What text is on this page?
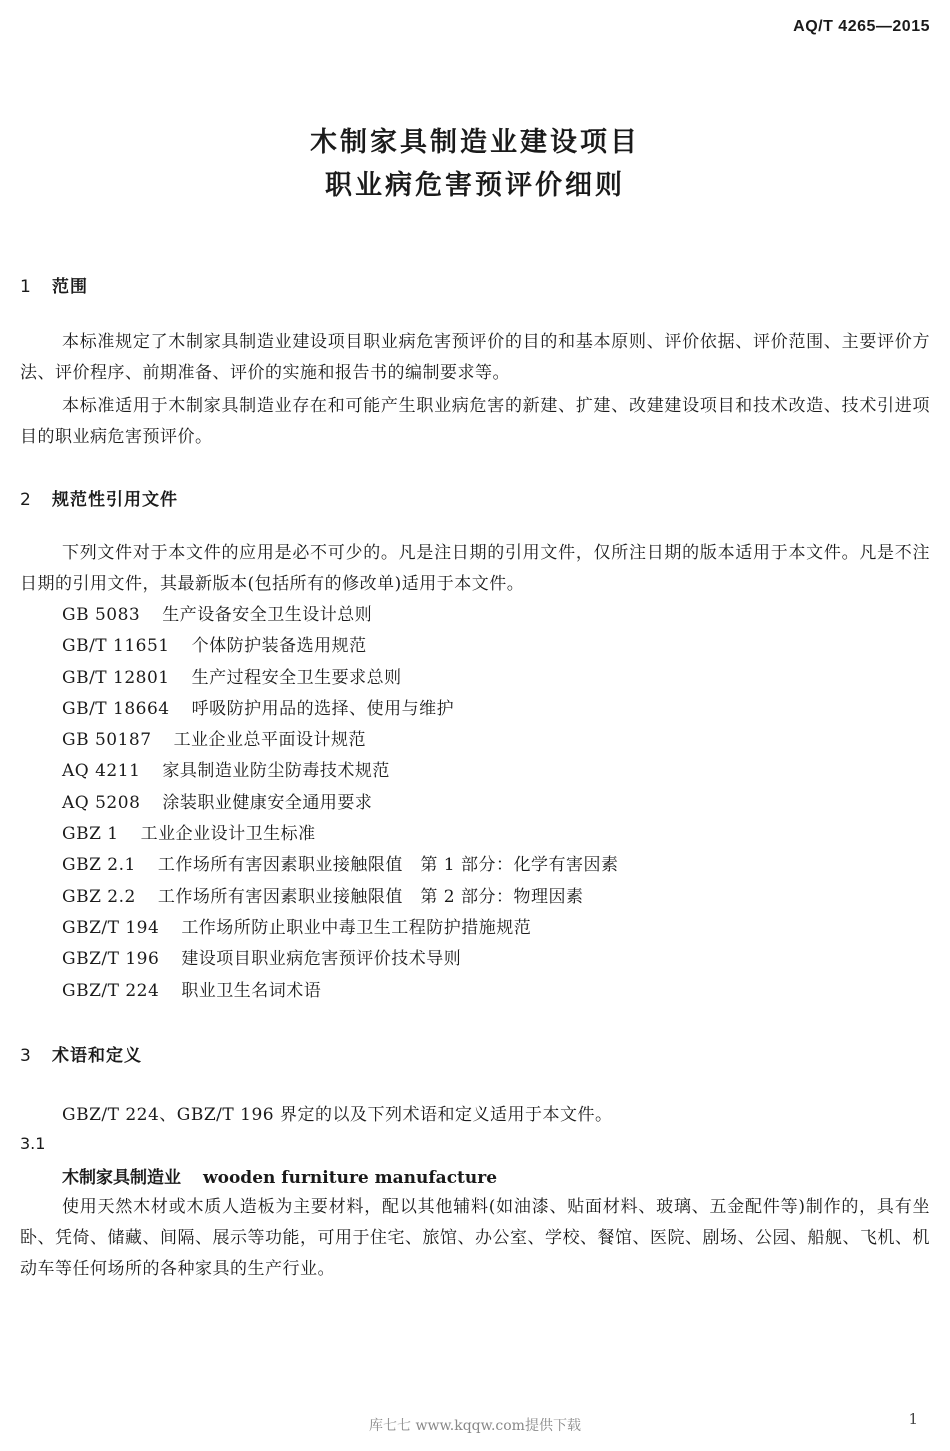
AQ/T 4265—2015
木制家具制造业建设项目
职业病危害预评价细则
1 范围
本标准规定了木制家具制造业建设项目职业病危害预评价的目的和基本原则、评价依据、评价范围、主要评价方法、评价程序、前期准备、评价的实施和报告书的编制要求等。
本标准适用于木制家具制造业存在和可能产生职业病危害的新建、扩建、改建建设项目和技术改造、技术引进项目的职业病危害预评价。
2 规范性引用文件
下列文件对于本文件的应用是必不可少的。凡是注日期的引用文件，仅所注日期的版本适用于本文件。凡是不注日期的引用文件，其最新版本(包括所有的修改单)适用于本文件。
GB 5083 生产设备安全卫生设计总则
GB/T 11651 个体防护装备选用规范
GB/T 12801 生产过程安全卫生要求总则
GB/T 18664 呼吸防护用品的选择、使用与维护
GB 50187 工业企业总平面设计规范
AQ 4211 家具制造业防尘防毒技术规范
AQ 5208 涂装职业健康安全通用要求
GBZ 1 工业企业设计卫生标准
GBZ 2.1 工作场所有害因素职业接触限值　第 1 部分：化学有害因素
GBZ 2.2 工作场所有害因素职业接触限值　第 2 部分：物理因素
GBZ/T 194 工作场所防止职业中毒卫生工程防护措施规范
GBZ/T 196 建设项目职业病危害预评价技术导则
GBZ/T 224 职业卫生名词术语
3 术语和定义
GBZ/T 224、GBZ/T 196 界定的以及下列术语和定义适用于本文件。
3.1
木制家具制造业 wooden furniture manufacture
使用天然木材或木质人造板为主要材料，配以其他辅料(如油漆、贴面材料、玻璃、五金配件等)制作的，具有坐卧、凭倚、储藏、间隔、展示等功能，可用于住宅、旅馆、办公室、学校、餐馆、医院、剧场、公园、船舰、飞机、机动车等任何场所的各种家具的生产行业。
库七七 www.kqqw.com提供下载	1
